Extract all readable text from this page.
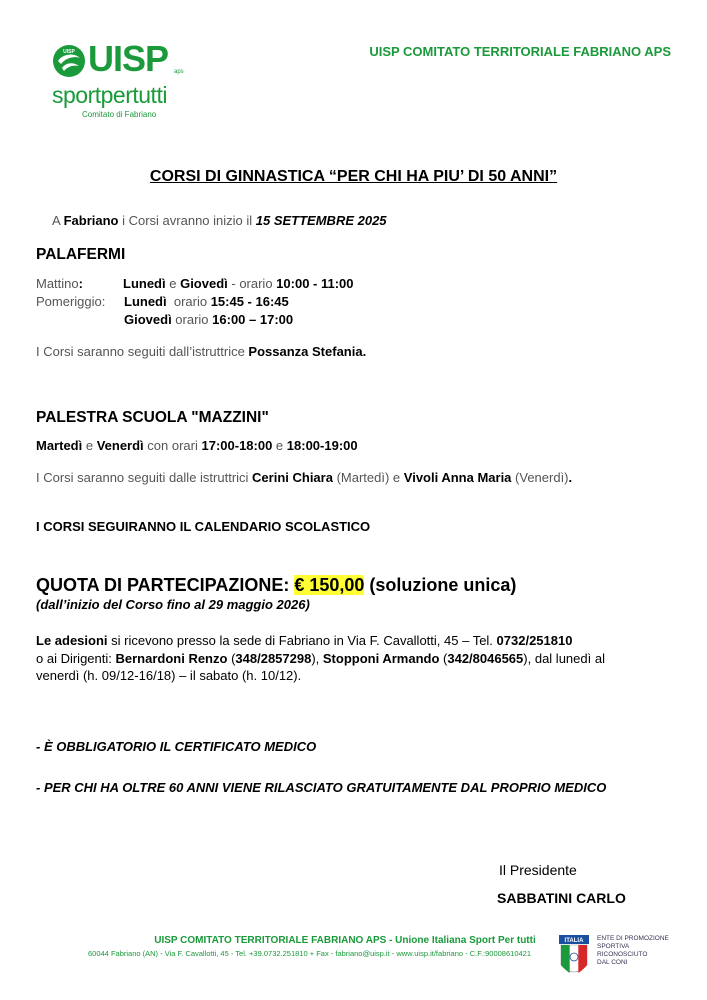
UISP UISP aps
sportpertutti
Comitato di Fabriano
UISP COMITATO TERRITORIALE FABRIANO APS
CORSI DI GINNASTICA “PER CHI HA PIU’ DI 50 ANNI”
A Fabriano i Corsi avranno inizio il 15 SETTEMBRE 2025
PALAFERMI
Mattino:	Lunedì e Giovedì - orario 10:00 - 11:00
Pomeriggio: Lunedì  orario 15:45 - 16:45
Giovedì orario 16:00 – 17:00
I Corsi saranno seguiti dall’istruttrice Possanza Stefania.
PALESTRA SCUOLA "MAZZINI"
Martedì e Venerdì con orari 17:00-18:00 e 18:00-19:00
I Corsi saranno seguiti dalle istruttrici Cerini Chiara (Martedì) e Vivoli Anna Maria (Venerdì).
I CORSI SEGUIRANNO IL CALENDARIO SCOLASTICO
QUOTA DI PARTECIPAZIONE: € 150,00 (soluzione unica)
(dall’inizio del Corso fino al 29 maggio 2026)
Le adesioni si ricevono presso la sede di Fabriano in Via F. Cavallotti, 45 – Tel. 0732/251810
o ai Dirigenti: Bernardoni Renzo (348/2857298), Stopponi Armando (342/8046565), dal lunedì al
venerdì (h. 09/12-16/18) – il sabato (h. 10/12).
- È OBBLIGATORIO IL CERTIFICATO MEDICO
- PER CHI HA OLTRE 60 ANNI VIENE RILASCIATO GRATUITAMENTE DAL PROPRIO MEDICO
Il Presidente
SABBATINI CARLO
UISP COMITATO TERRITORIALE FABRIANO APS - Unione Italiana Sport Per tutti
60044 Fabriano (AN) - Via F. Cavallotti, 45 - Tel. +39.0732.251810 + Fax - fabriano@uisp.it - www.uisp.it/fabriano - C.F.:90008610421
ITALIA ENTE DI PROMOZIONE
SPORTIVA
RICONOSCIUTO
DAL CONI
